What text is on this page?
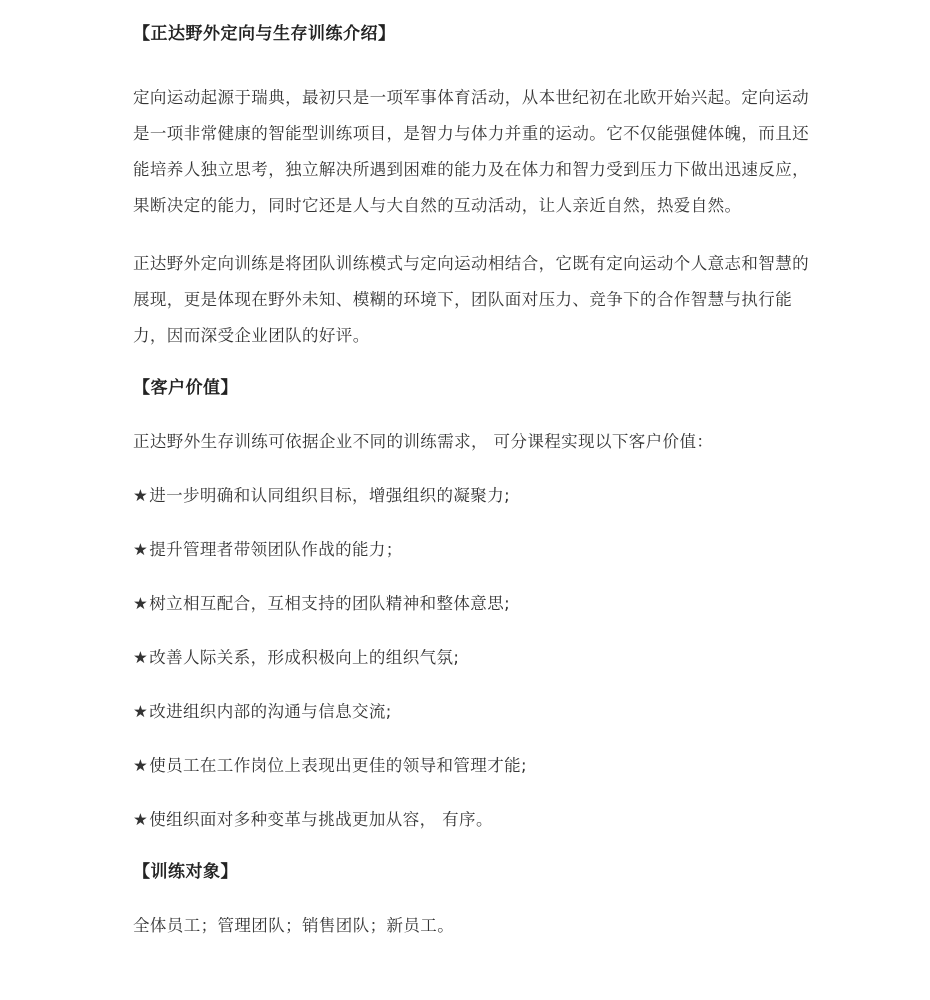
【正达野外定向与生存训练介绍】

定向运动起源于瑞典，最初只是一项军事体育活动，从本世纪初在北欧开始兴起。定向运动是一项非常健康的智能型训练项目，是智力与体力并重的运动。它不仅能强健体魄，而且还能培养人独立思考，独立解决所遇到困难的能力及在体力和智力受到压力下做出迅速反应，果断决定的能力，同时它还是人与大自然的互动活动，让人亲近自然，热爱自然。

正达野外定向训练是将团队训练模式与定向运动相结合，它既有定向运动个人意志和智慧的展现，更是体现在野外未知、模糊的环境下，团队面对压力、竞争下的合作智慧与执行能力，因而深受企业团队的好评。

【客户价值】

正达野外生存训练可依据企业不同的训练需求， 可分课程实现以下客户价值：

★进一步明确和认同组织目标，增强组织的凝聚力;

★提升管理者带领团队作战的能力；

★树立相互配合，互相支持的团队精神和整体意思;

★改善人际关系，形成积极向上的组织气氛;

★改进组织内部的沟通与信息交流;

★使员工在工作岗位上表现出更佳的领导和管理才能;

★使组织面对多种变革与挑战更加从容， 有序。

【训练对象】

全体员工；管理团队；销售团队；新员工。
